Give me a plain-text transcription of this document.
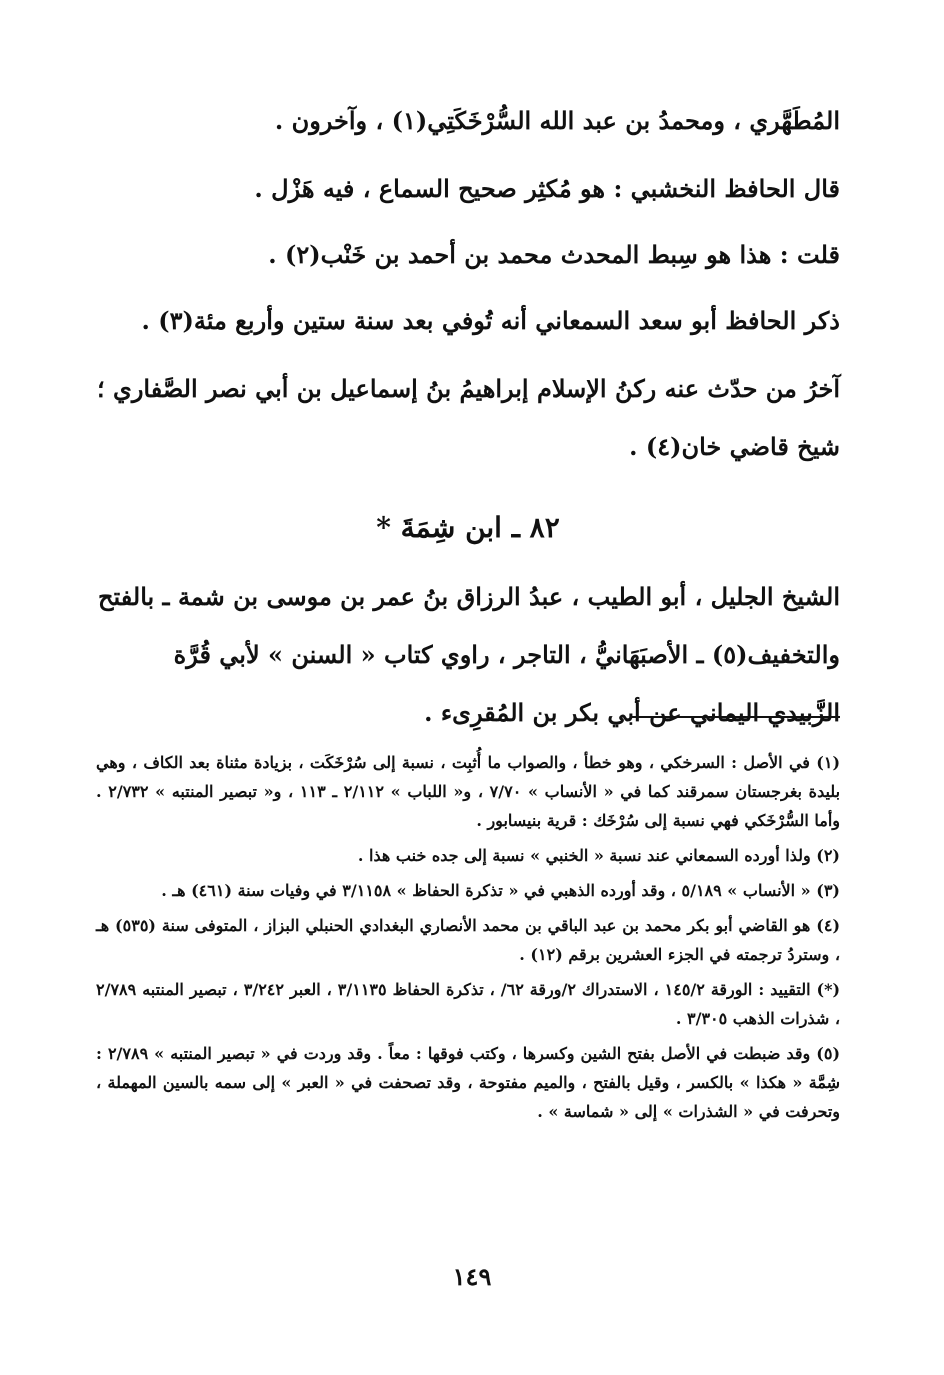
المُطَهَّري ، ومحمدُ بن عبد الله السُّرْخَكَتِي(١) ، وآخرون .

قال الحافظ النخشبي : هو مُكثِر صحيح السماع ، فيه هَزْل .

قلت : هذا هو سِبط المحدث محمد بن أحمد بن خَنْب(٢) .

ذكر الحافظ أبو سعد السمعاني أنه تُوفي بعد سنة ستين وأربع مئة(٣) .

آخرُ من حدّث عنه ركنُ الإسلام إبراهيمُ بنُ إسماعيل بن أبي نصر الصَّفاري ؛ شيخ قاضي خان(٤) .

٨٢ ـ ابن شِمَةَ *

الشيخ الجليل ، أبو الطيب ، عبدُ الرزاق بنُ عمر بن موسى بن شمة ـ بالفتح والتخفيف(٥) ـ الأصبَهَانيُّ ، التاجر ، راوي كتاب « السنن » لأبي قُرَّة الزَّبيدي اليماني عن أبي بكر بن المُقرِىء .

(١) في الأصل : السرخكي ، وهو خطأ ، والصواب ما أُثبِت ، نسبة إلى سُرْخَكَت ، بزيادة مثناة بعد الكاف ، وهي بليدة بغرجستان سمرقند كما في « الأنساب » ٧/٧٠ ، و« اللباب » ٢/١١٢ ـ ١١٣ ، و« تبصير المنتبه » ٢/٧٣٢ . وأما السُّرْخَكي فهي نسبة إلى سُرْخَك : قرية بنيسابور .

(٢) ولذا أورده السمعاني عند نسبة « الخنبي » نسبة إلى جده خنب هذا .

(٣) « الأنساب » ٥/١٨٩ ، وقد أورده الذهبي في « تذكرة الحفاظ » ٣/١١٥٨ في وفيات سنة (٤٦١) هـ .

(٤) هو القاضي أبو بكر محمد بن عبد الباقي بن محمد الأنصاري البغدادي الحنبلي البزاز ، المتوفى سنة (٥٣٥) هـ ، وستردُ ترجمته في الجزء العشرين برقم (١٢) .

(*) التقييد : الورقة ١٤٥/٢ ، الاستدراك ٢/ورقة ٦٢/ ، تذكرة الحفاظ ٣/١١٣٥ ، العبر ٣/٢٤٢ ، تبصير المنتبه ٢/٧٨٩ ، شذرات الذهب ٣/٣٠٥ .

(٥) وقد ضبطت في الأصل بفتح الشين وكسرها ، وكتب فوقها : معاً . وقد وردت في « تبصير المنتبه » ٢/٧٨٩ : شِمَّة « هكذا » بالكسر ، وقيل بالفتح ، والميم مفتوحة ، وقد تصحفت في « العبر » إلى سمه بالسين المهملة ، وتحرفت في « الشذرات » إلى « شماسة » .

١٤٩
